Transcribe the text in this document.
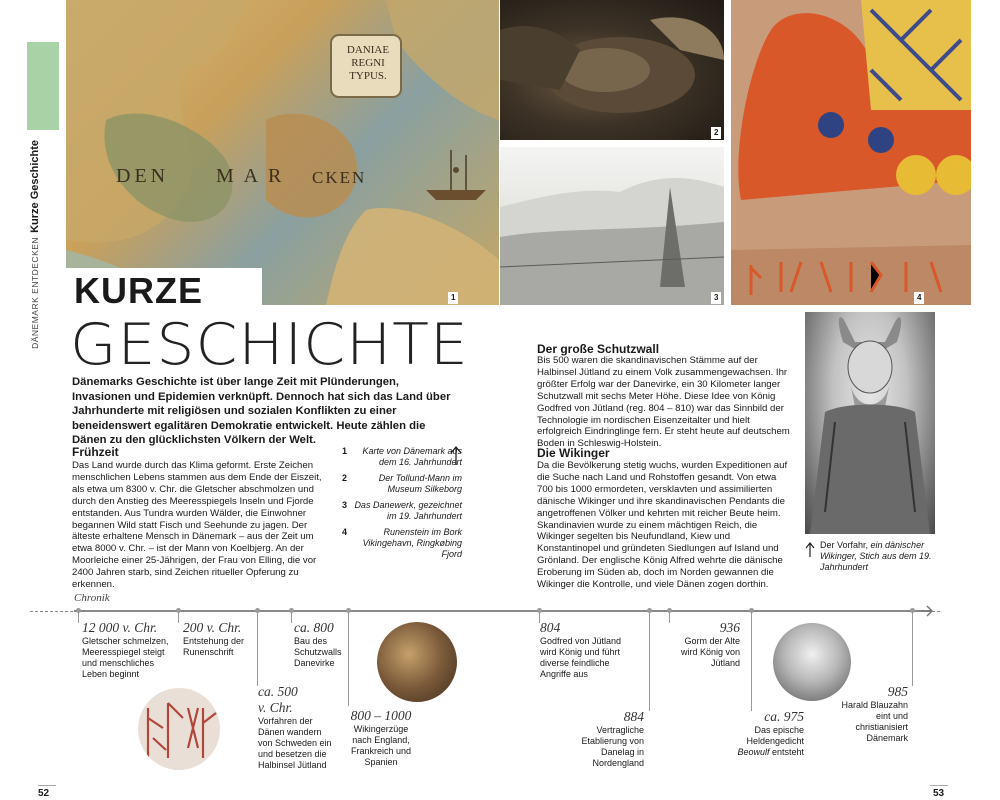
DÄNEMARK ENTDECKEN
Kurze Geschichte
DANIAE
REGNI
TYPUS.
DEN M A R CKEN
1
2
3	4
KURZE
GESCHICHTE
Dänemarks Geschichte ist über lange Zeit mit Plünderungen, Invasionen und Epidemien verknüpft. Dennoch hat sich das Land über Jahrhunderte mit religiösen und sozialen Konflikten zu einer beneidenswert egalitären Demokratie entwickelt. Heute zählen die Dänen zu den glücklichsten Völkern der Welt.
Frühzeit
Das Land wurde durch das Klima geformt. Erste Zeichen menschlichen Lebens stammen aus dem Ende der Eiszeit, als etwa um 8300 v. Chr. die Gletscher abschmolzen und durch den Anstieg des Meeresspiegels Inseln und Fjorde entstanden. Aus Tundra wurden Wälder, die Einwohner begannen Wild statt Fisch und Seehunde zu jagen. Der älteste erhaltene Mensch in Dänemark – aus der Zeit um etwa 8000 v. Chr. – ist der Mann von Koelbjerg. An der Moorleiche einer 25-Jährigen, der Frau von Elling, die vor 2400 Jahren starb, sind Zeichen ritueller Opferung zu erkennen.
1	Karte von Dänemark aus dem 16. Jahrhundert
2	Der Tollund-Mann im Museum Silkeborg
3 Das Danewerk, gezeichnet im 19. Jahrhundert
4	Runenstein im Bork Vikingehavn, Ringkøbing Fjord
Der große Schutzwall
Bis 500 waren die skandinavischen Stämme auf der Halbinsel Jütland zu einem Volk zusammengewachsen. Ihr größter Erfolg war der Danevirke, ein 30 Kilometer langer Schutzwall mit sechs Meter Höhe. Diese Idee von König Godfred von Jütland (reg. 804 – 810) war das Sinnbild der Technologie im nordischen Eisenzeitalter und hielt erfolgreich Eindringlinge fern. Er steht heute auf deutschem Boden in Schleswig-Holstein.
Die Wikinger
Da die Bevölkerung stetig wuchs, wurden Expeditionen auf die Suche nach Land und Rohstoffen gesandt. Von etwa 700 bis 1000 ermordeten, versklavten und assimilierten dänische Wikinger und ihre skandinavischen Pendants die angetroffenen Völker und kehrten mit reicher Beute heim. Skandinavien wurde zu einem mächtigen Reich, die Wikinger segelten bis Neufundland, Kiew und Konstantinopel und gründeten Siedlungen auf Island und Grönland. Der englische König Alfred wehrte die dänische Eroberung im Süden ab, doch im Norden gewannen die Wikinger die Kontrolle, und viele Dänen zogen dorthin.
Der Vorfahr, ein dänischer Wikinger, Stich aus dem 19. Jahrhundert
Chronik
12 000 v. Chr.
Gletscher schmelzen, Meeresspiegel steigt und menschliches Leben beginnt
200 v. Chr.
Entstehung der Runenschrift
ca. 500 v. Chr.
Vorfahren der Dänen wandern von Schweden ein und besetzen die Halbinsel Jütland
ca. 800
Bau des Schutzwalls Danevirke
800 – 1000
Wikingerzüge nach England, Frankreich und Spanien
804
Godfred von Jütland wird König und führt diverse feindliche Angriffe aus
884
Vertragliche Etablierung von Danelag in Nordengland
936
Gorm der Alte wird König von Jütland
ca. 975
Das epische Heldengedicht Beowulf entsteht
985
Harald Blauzahn eint und christianisiert Dänemark
52	53
